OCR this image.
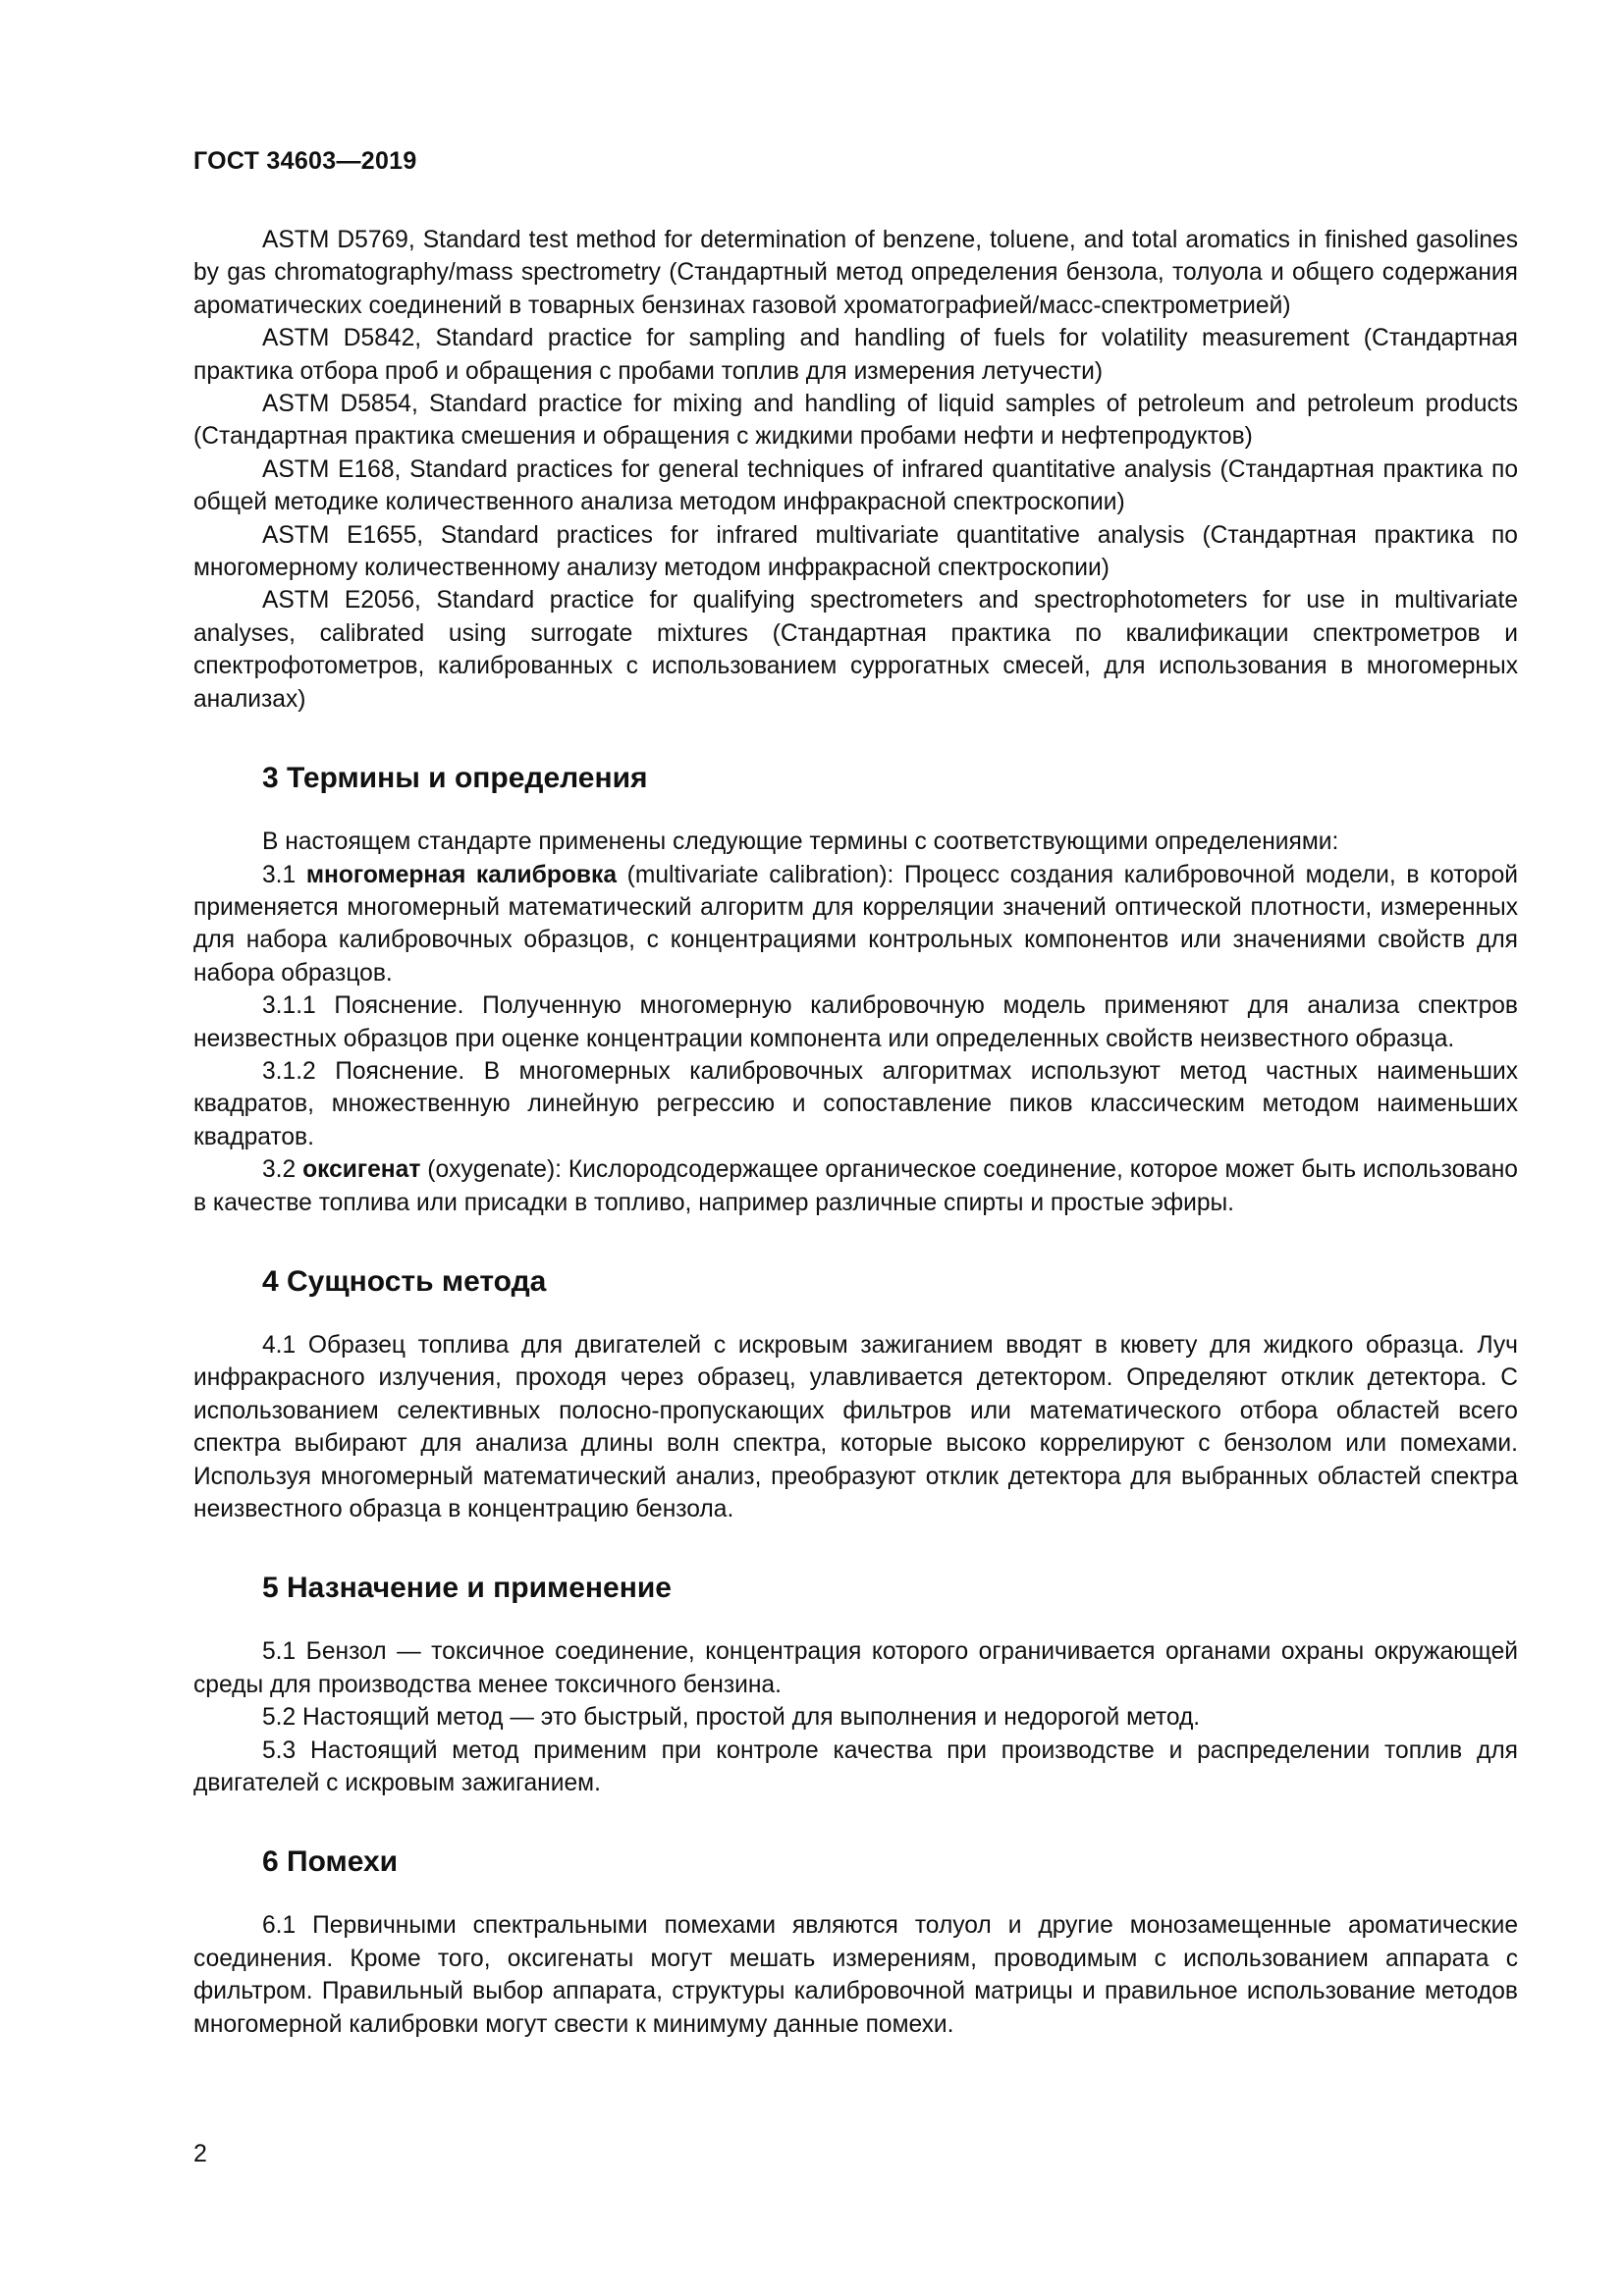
ГОСТ 34603—2019

ASTM D5769, Standard test method for determination of benzene, toluene, and total aromatics in finished gasolines by gas chromatography/mass spectrometry (Стандартный метод определения бензола, толуола и общего содержания ароматических соединений в товарных бензинах газовой хроматографией/масс-спектрометрией)

ASTM D5842, Standard practice for sampling and handling of fuels for volatility measurement (Стандартная практика отбора проб и обращения с пробами топлив для измерения летучести)

ASTM D5854, Standard practice for mixing and handling of liquid samples of petroleum and petroleum products (Стандартная практика смешения и обращения с жидкими пробами нефти и нефтепродуктов)

ASTM E168, Standard practices for general techniques of infrared quantitative analysis (Стандартная практика по общей методике количественного анализа методом инфракрасной спектроскопии)

ASTM E1655, Standard practices for infrared multivariate quantitative analysis (Стандартная практика по многомерному количественному анализу методом инфракрасной спектроскопии)

ASTM E2056, Standard practice for qualifying spectrometers and spectrophotometers for use in multivariate analyses, calibrated using surrogate mixtures (Стандартная практика по квалификации спектрометров и спектрофотометров, калиброванных с использованием суррогатных смесей, для использования в многомерных анализах)

3 Термины и определения

В настоящем стандарте применены следующие термины с соответствующими определениями:

3.1 многомерная калибровка (multivariate calibration): Процесс создания калибровочной модели, в которой применяется многомерный математический алгоритм для корреляции значений оптической плотности, измеренных для набора калибровочных образцов, с концентрациями контрольных компонентов или значениями свойств для набора образцов.

3.1.1 Пояснение. Полученную многомерную калибровочную модель применяют для анализа спектров неизвестных образцов при оценке концентрации компонента или определенных свойств неизвестного образца.

3.1.2 Пояснение. В многомерных калибровочных алгоритмах используют метод частных наименьших квадратов, множественную линейную регрессию и сопоставление пиков классическим методом наименьших квадратов.

3.2 оксигенат (oxygenate): Кислородсодержащее органическое соединение, которое может быть использовано в качестве топлива или присадки в топливо, например различные спирты и простые эфиры.

4 Сущность метода

4.1 Образец топлива для двигателей с искровым зажиганием вводят в кювету для жидкого образца. Луч инфракрасного излучения, проходя через образец, улавливается детектором. Определяют отклик детектора. С использованием селективных полосно-пропускающих фильтров или математического отбора областей всего спектра выбирают для анализа длины волн спектра, которые высоко коррелируют с бензолом или помехами. Используя многомерный математический анализ, преобразуют отклик детектора для выбранных областей спектра неизвестного образца в концентрацию бензола.

5 Назначение и применение

5.1 Бензол — токсичное соединение, концентрация которого ограничивается органами охраны окружающей среды для производства менее токсичного бензина.

5.2 Настоящий метод — это быстрый, простой для выполнения и недорогой метод.

5.3 Настоящий метод применим при контроле качества при производстве и распределении топлив для двигателей с искровым зажиганием.

6 Помехи

6.1 Первичными спектральными помехами являются толуол и другие монозамещенные ароматические соединения. Кроме того, оксигенаты могут мешать измерениям, проводимым с использованием аппарата с фильтром. Правильный выбор аппарата, структуры калибровочной матрицы и правильное использование методов многомерной калибровки могут свести к минимуму данные помехи.

2
